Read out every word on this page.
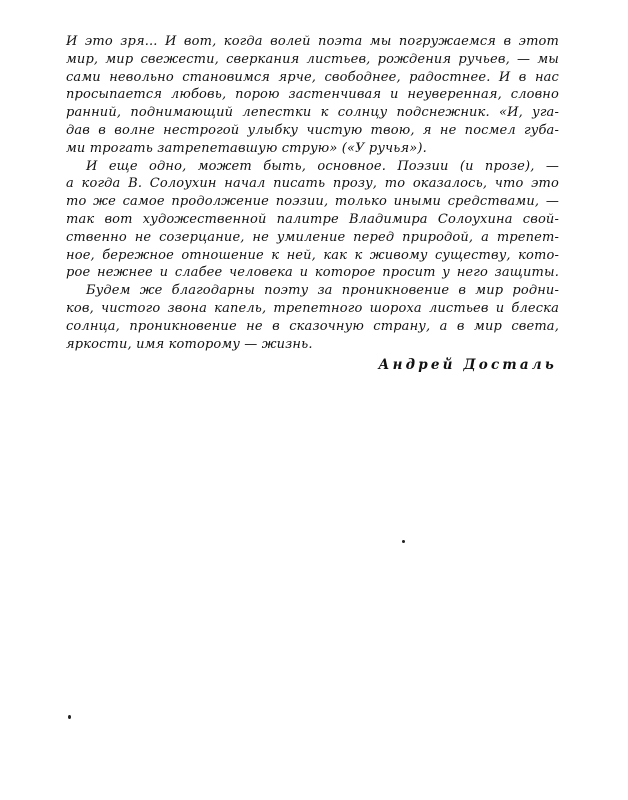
И это зря... И вот, когда волей поэта мы погружаемся в этот
мир, мир свежести, сверкания листьев, рождения ручьев, — мы
сами невольно становимся ярче, свободнее, радостнее. И в нас
просыпается любовь, порою застенчивая и неуверенная, словно
ранний, поднимающий лепестки к солнцу подснежник. «И, уга-
дав в волне нестрогой улыбку чистую твою, я не посмел губа-
ми трогать затрепетавшую струю» («У ручья»).
И еще одно, может быть, основное. Поэзии (и прозе), —
а когда В. Солоухин начал писать прозу, то оказалось, что это
то же самое продолжение поэзии, только иными средствами, —
так вот художественной палитре Владимира Солоухина свой-
ственно не созерцание, не умиление перед природой, а трепет-
ное, бережное отношение к ней, как к живому существу, кото-
рое нежнее и слабее человека и которое просит у него защиты.
Будем же благодарны поэту за проникновение в мир родни-
ков, чистого звона капель, трепетного шороха листьев и блеска
солнца, проникновение не в сказочную страну, а в мир света,
яркости, имя которому — жизнь.
Андрей Досталь
